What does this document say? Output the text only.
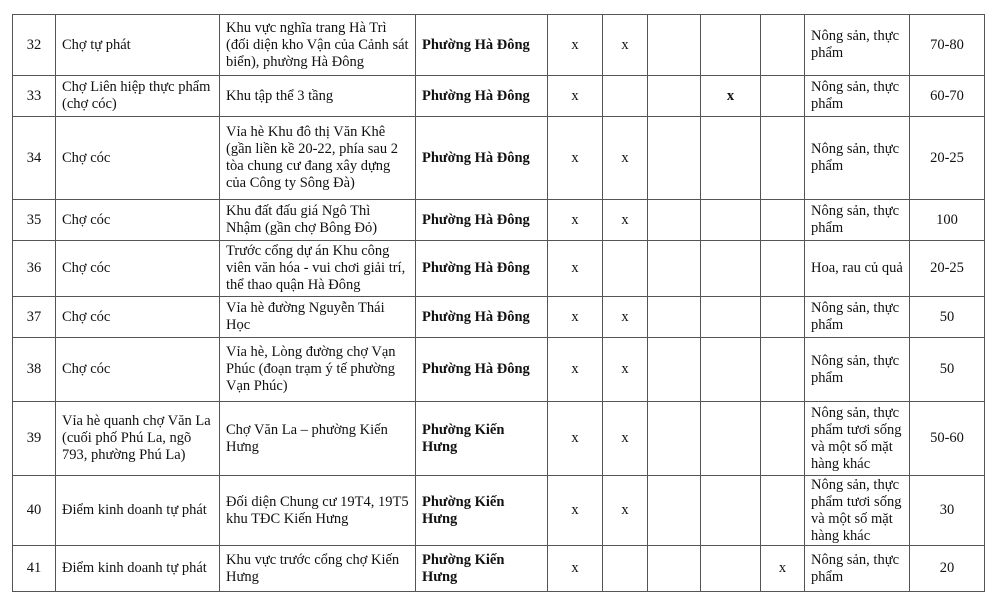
32	Chợ tự phát	Khu vực nghĩa trang Hà Trì (đối diện kho Vận của Cảnh sát biển), phường Hà Đông	Phường Hà Đông	x	x				Nông sản, thực phẩm	70-80
33	Chợ Liên hiệp thực phẩm (chợ cóc)	Khu tập thể 3 tầng	Phường Hà Đông	x			x		Nông sản, thực phẩm	60-70
34	Chợ cóc	Vỉa hè Khu đô thị Văn Khê (gần liền kề 20-22, phía sau 2 tòa chung cư đang xây dựng của Công ty Sông Đà)	Phường Hà Đông	x	x				Nông sản, thực phẩm	20-25
35	Chợ cóc	Khu đất đấu giá Ngô Thì Nhậm (gần chợ Bông Đỏ)	Phường Hà Đông	x	x				Nông sản, thực phẩm	100
36	Chợ cóc	Trước cổng dự án Khu công viên văn hóa - vui chơi giải trí, thể thao quận Hà Đông	Phường Hà Đông	x					Hoa, rau củ quả	20-25
37	Chợ cóc	Vỉa hè đường Nguyễn Thái Học	Phường Hà Đông	x	x				Nông sản, thực phẩm	50
38	Chợ cóc	Vỉa hè, Lòng đường chợ Vạn Phúc (đoạn trạm ý tế phường Vạn Phúc)	Phường Hà Đông	x	x				Nông sản, thực phẩm	50
39	Vỉa hè quanh chợ Văn La (cuối phố Phú La, ngõ 793, phường Phú La)	Chợ Văn La – phường Kiến Hưng	Phường Kiến Hưng	x	x				Nông sản, thực phẩm tươi sống và một số mặt hàng khác	50-60
40	Điểm kinh doanh tự phát	Đối diện Chung cư 19T4, 19T5 khu TĐC Kiến Hưng	Phường Kiến Hưng	x	x				Nông sản, thực phẩm tươi sống và một số mặt hàng khác	30
41	Điểm kinh doanh tự phát	Khu vực trước cổng chợ Kiến Hưng	Phường Kiến Hưng	x				x	Nông sản, thực phẩm	20
